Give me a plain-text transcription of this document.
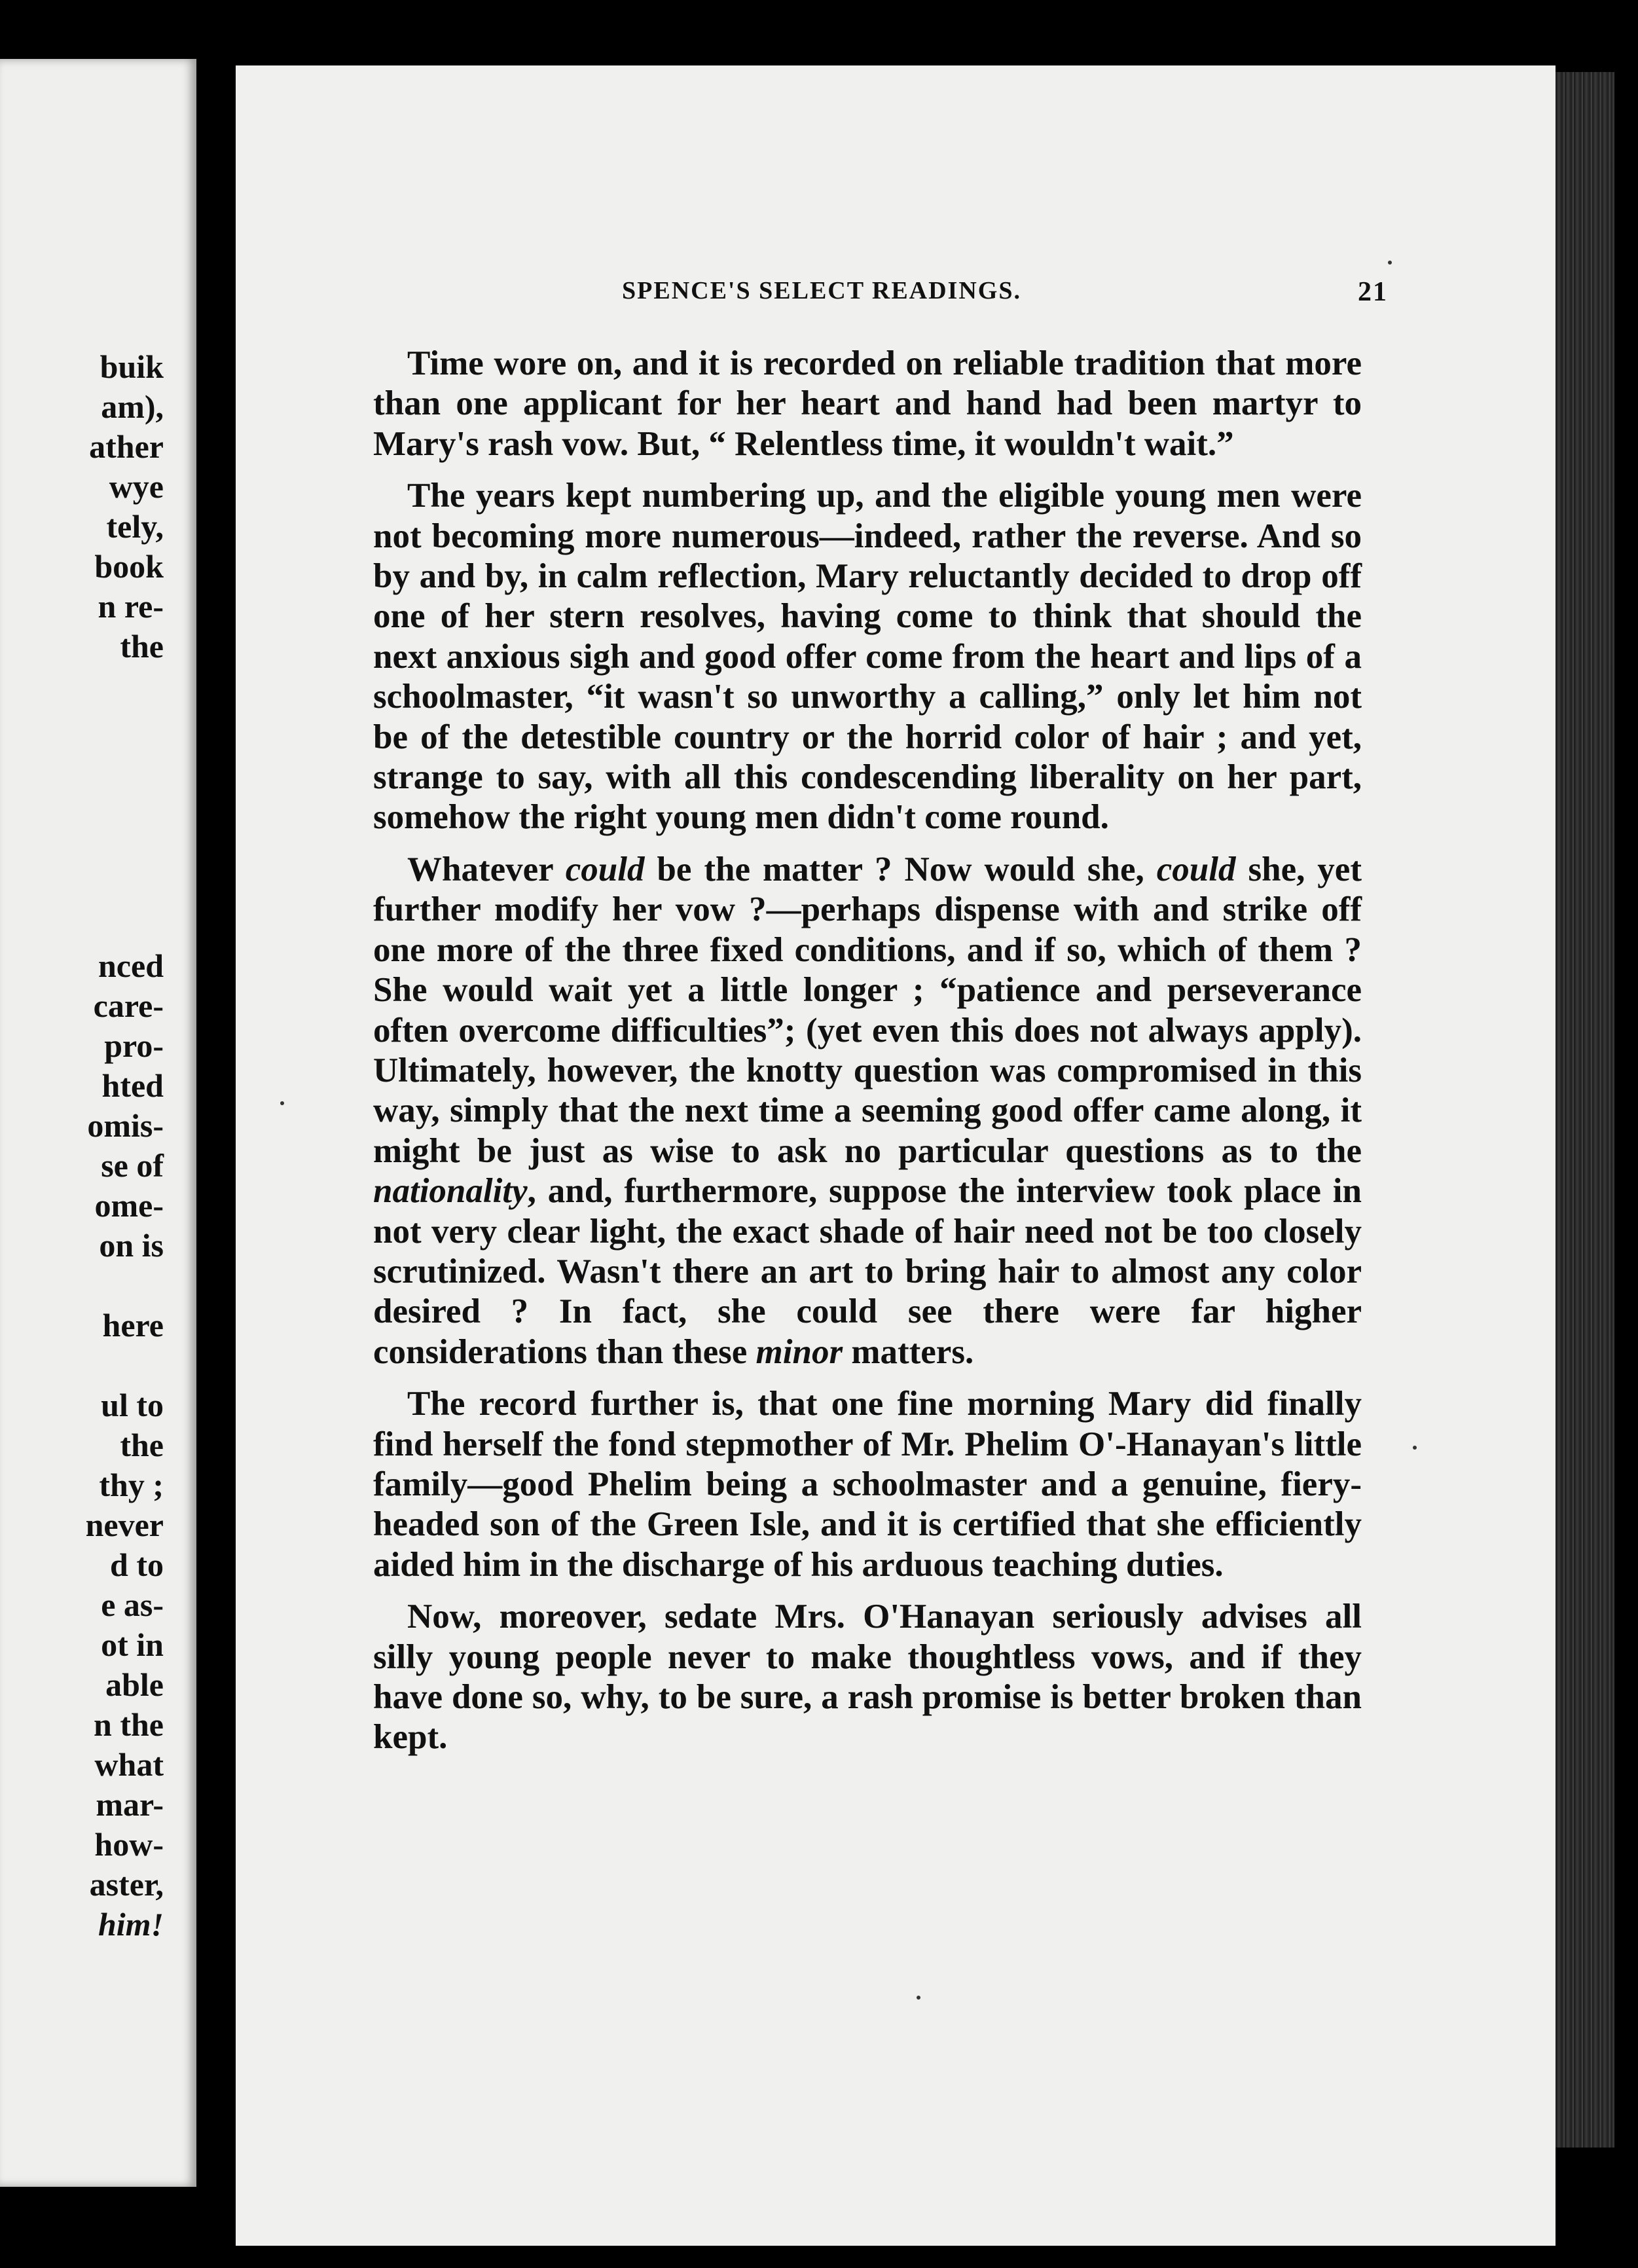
buik
am),
ather
wye
tely,
book
n re-
the
nced
care-
pro-
hted
omis-
se of
ome-
on is
here
ul to
the
thy ;
never
d to
e as-
ot in
able
n the
what
mar-
how-
aster,
him!
SPENCE'S SELECT READINGS.	21

Time wore on, and it is recorded on reliable tradition that more than one applicant for her heart and hand had been martyr to Mary's rash vow. But, “ Relentless time, it wouldn't wait.”

The years kept numbering up, and the eligible young men were not becoming more numerous—indeed, rather the reverse. And so by and by, in calm reflection, Mary reluctantly decided to drop off one of her stern resolves, having come to think that should the next anxious sigh and good offer come from the heart and lips of a schoolmaster, “it wasn't so unworthy a calling,” only let him not be of the detestible country or the horrid color of hair ; and yet, strange to say, with all this condescending liberality on her part, somehow the right young men didn't come round.

Whatever could be the matter ? Now would she, could she, yet further modify her vow ?—perhaps dispense with and strike off one more of the three fixed conditions, and if so, which of them ? She would wait yet a little longer ; “patience and perseverance often overcome difficulties”; (yet even this does not always apply). Ultimately, however, the knotty question was compromised in this way, simply that the next time a seeming good offer came along, it might be just as wise to ask no particular questions as to the nationality, and, furthermore, suppose the interview took place in not very clear light, the exact shade of hair need not be too closely scrutinized. Wasn't there an art to bring hair to almost any color desired ? In fact, she could see there were far higher considerations than these minor matters.

The record further is, that one fine morning Mary did finally find herself the fond stepmother of Mr. Phelim O'-Hanayan's little family—good Phelim being a schoolmaster and a genuine, fiery-headed son of the Green Isle, and it is certified that she efficiently aided him in the discharge of his arduous teaching duties.

Now, moreover, sedate Mrs. O'Hanayan seriously advises all silly young people never to make thoughtless vows, and if they have done so, why, to be sure, a rash promise is better broken than kept.
